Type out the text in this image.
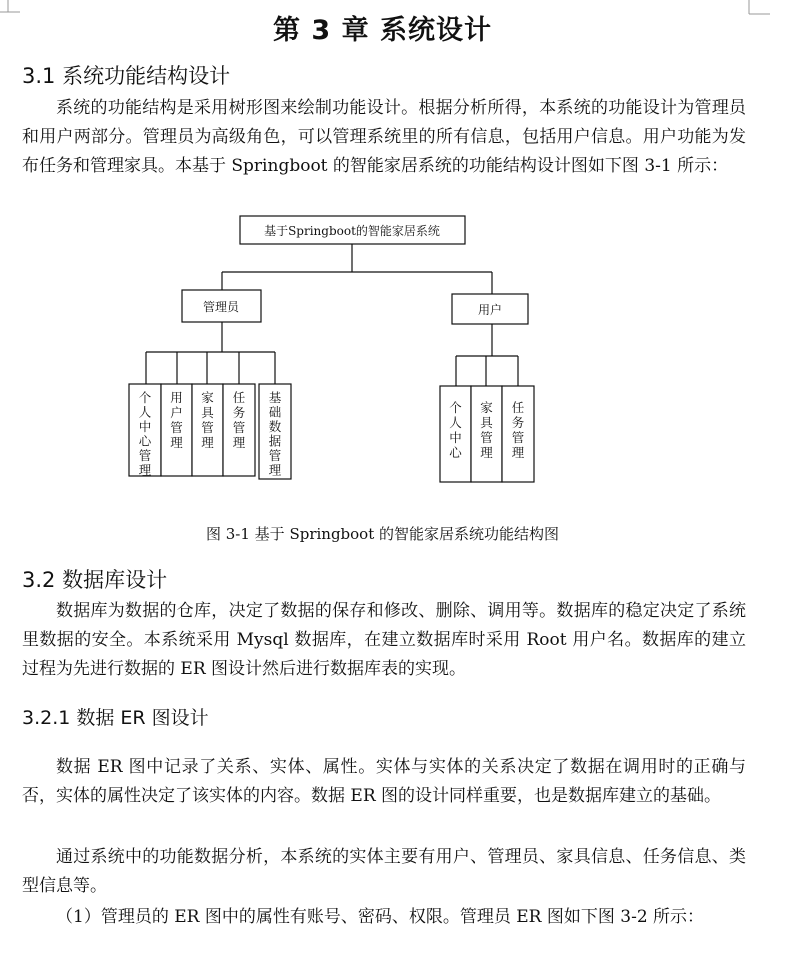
第 3 章 系统设计
3.1 系统功能结构设计

系统的功能结构是采用树形图来绘制功能设计。根据分析所得，本系统的功能设计为管理员和用户两部分。管理员为高级角色，可以管理系统里的所有信息，包括用户信息。用户功能为发布任务和管理家具。本基于 Springboot 的智能家居系统的功能结构设计图如下图 3-1 所示：

基于Springboot的智能家居系统
管理员	用户
个人中心管理
用户管理
家具管理
任务管理
基础数据管理
个人中心
家具管理
任务管理

图 3-1 基于 Springboot 的智能家居系统功能结构图

3.2 数据库设计

数据库为数据的仓库，决定了数据的保存和修改、删除、调用等。数据库的稳定决定了系统里数据的安全。本系统采用 Mysql 数据库，在建立数据库时采用 Root 用户名。数据库的建立过程为先进行数据的 ER 图设计然后进行数据库表的实现。

3.2.1 数据 ER 图设计

数据 ER 图中记录了关系、实体、属性。实体与实体的关系决定了数据在调用时的正确与否，实体的属性决定了该实体的内容。数据 ER 图的设计同样重要，也是数据库建立的基础。

通过系统中的功能数据分析，本系统的实体主要有用户、管理员、家具信息、任务信息、类型信息等。

（1）管理员的 ER 图中的属性有账号、密码、权限。管理员 ER 图如下图 3-2 所示：
